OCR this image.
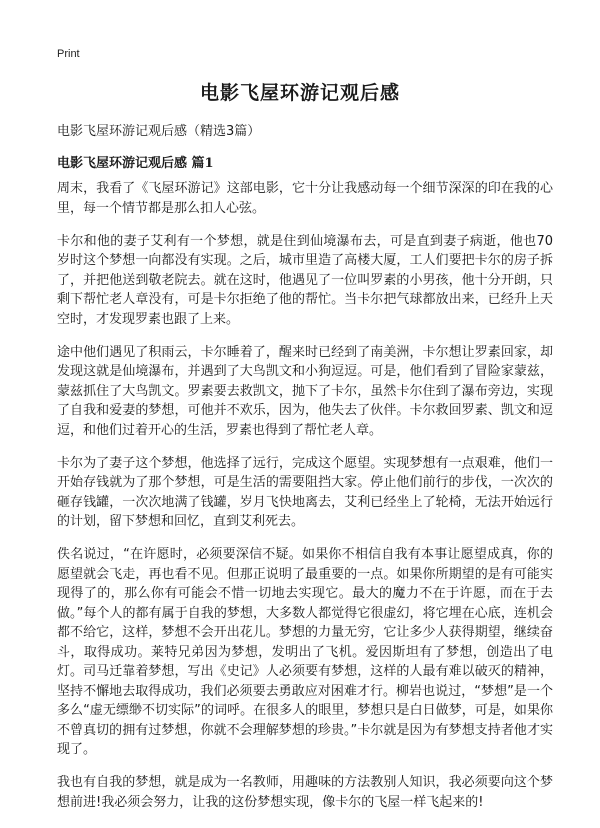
Print
电影飞屋环游记观后感
电影飞屋环游记观后感（精选3篇）
电影飞屋环游记观后感 篇1

周末，我看了《飞屋环游记》这部电影，它十分让我感动每一个细节深深的印在我的心里，每一个情节都是那么扣人心弦。

卡尔和他的妻子艾利有一个梦想，就是住到仙境瀑布去，可是直到妻子病逝，他也70岁时这个梦想一向都没有实现。之后，城市里造了高楼大厦，工人们要把卡尔的房子拆了，并把他送到敬老院去。就在这时，他遇见了一位叫罗素的小男孩，他十分开朗，只剩下帮忙老人章没有，可是卡尔拒绝了他的帮忙。当卡尔把气球都放出来，已经升上天空时，才发现罗素也跟了上来。

途中他们遇见了积雨云，卡尔睡着了，醒来时已经到了南美洲，卡尔想让罗素回家，却发现这就是仙境瀑布，并遇到了大鸟凯文和小狗逗逗。可是，他们看到了冒险家蒙兹，蒙兹抓住了大鸟凯文。罗素要去救凯文，抛下了卡尔，虽然卡尔住到了瀑布旁边，实现了自我和爱妻的梦想，可他并不欢乐，因为，他失去了伙伴。卡尔救回罗素、凯文和逗逗，和他们过着开心的生活，罗素也得到了帮忙老人章。

卡尔为了妻子这个梦想，他选择了远行，完成这个愿望。实现梦想有一点艰难，他们一开始存钱就为了那个梦想，可是生活的需要阻挡大家。停止他们前行的步伐，一次次的砸存钱罐，一次次地满了钱罐，岁月飞快地离去，艾利已经坐上了轮椅，无法开始远行的计划，留下梦想和回忆，直到艾利死去。

佚名说过，“在许愿时，必须要深信不疑。如果你不相信自我有本事让愿望成真，你的愿望就会飞走，再也看不见。但那正说明了最重要的一点。如果你所期望的是有可能实现得了的，那么你有可能会不惜一切地去实现它。最大的魔力不在于许愿，而在于去做。”每个人的都有属于自我的梦想，大多数人都觉得它很虚幻，将它埋在心底，连机会都不给它，这样，梦想不会开出花儿。梦想的力量无穷，它让多少人获得期望，继续奋斗，取得成功。莱特兄弟因为梦想，发明出了飞机。爱因斯坦有了梦想，创造出了电灯。司马迁靠着梦想，写出《史记》人必须要有梦想，这样的人最有难以破灭的精神，坚持不懈地去取得成功，我们必须要去勇敢应对困难才行。柳岩也说过，“梦想”是一个多么“虚无缥缈不切实际”的词呼。在很多人的眼里，梦想只是白日做梦，可是，如果你不曾真切的拥有过梦想，你就不会理解梦想的珍贵。”卡尔就是因为有梦想支持者他才实现了。

我也有自我的梦想，就是成为一名教师，用趣味的方法教别人知识，我必须要向这个梦想前进!我必须会努力，让我的这份梦想实现，像卡尔的飞屋一样飞起来的!
